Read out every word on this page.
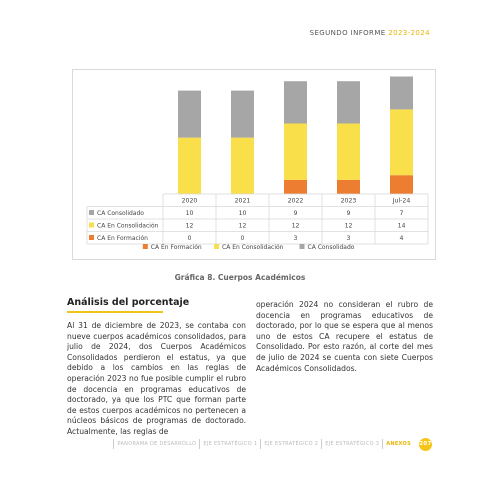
SEGUNDO INFORME 2023-2024
2020	2021	2022	2023	Jul-24
CA Consolidado	10	10	9	9	7
CA En Consolidación	12	12	12	12	14
CA En Formación	0	0	3	3	4
CA En Formación	CA En Consolidación	CA Consolidado
Gráfica 8. Cuerpos Académicos
Análisis del porcentaje
Al 31 de diciembre de 2023, se contaba con nueve cuerpos académicos consolidados, para julio de 2024, dos Cuerpos Académicos Consolidados perdieron el estatus, ya que debido a los cambios en las reglas de operación 2023 no fue posible cumplir el rubro de docencia en programas educativos de doctorado, ya que los PTC que forman parte de estos cuerpos académicos no pertenecen a núcleos básicos de programas de doctorado. Actualmente, las reglas de
operación 2024 no consideran el rubro de docencia en programas educativos de doctorado, por lo que se espera que al menos uno de estos CA recupere el estatus de Consolidado. Por esto razón, al corte del mes de julio de 2024 se cuenta con siete Cuerpos Académicos Consolidados.
PANORAMA DE DESARROLLO	EJE ESTRATÉGICO 1	EJE ESTRATÉGICO 2	EJE ESTRATÉGICO 3	ANEXOS	207
